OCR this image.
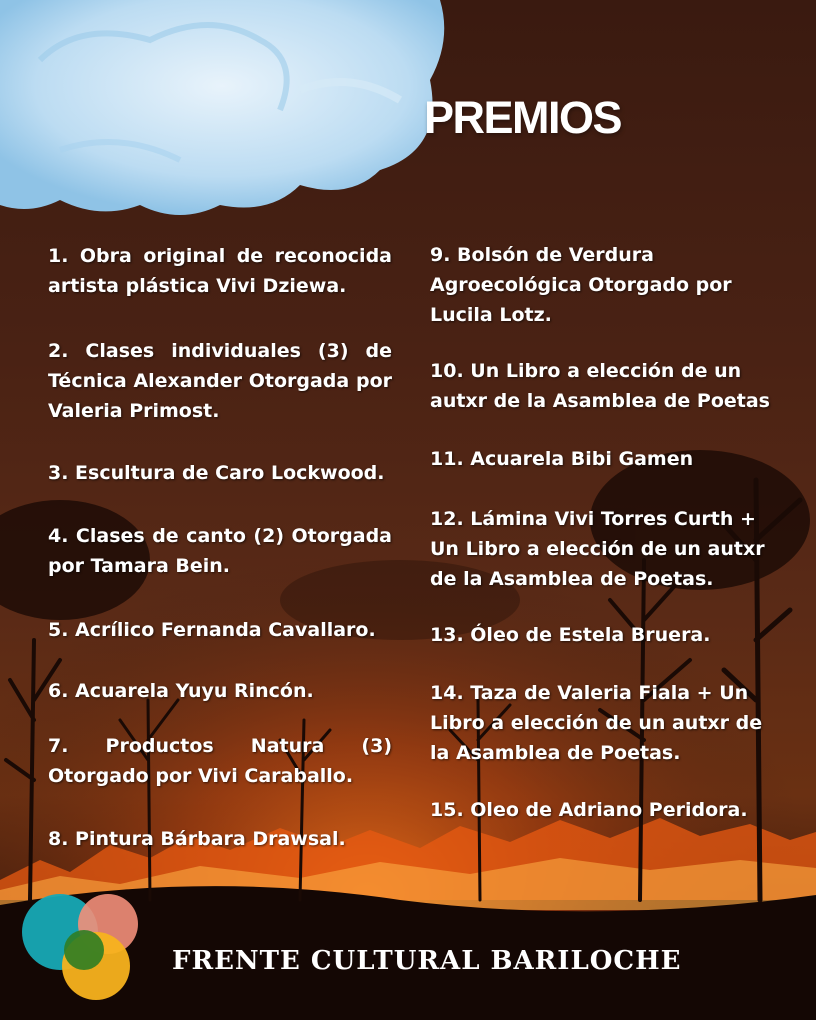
PREMIOS

1. Obra original de reconocida artista plástica Vivi Dziewa.

2. Clases individuales (3) de Técnica Alexander Otorgada por Valeria Primost.

3. Escultura de Caro Lockwood.

4. Clases de canto (2) Otorgada por Tamara Bein.

5. Acrílico Fernanda Cavallaro.

6. Acuarela Yuyu Rincón.

7. Productos Natura (3) Otorgado por Vivi Caraballo.

8. Pintura Bárbara Drawsal.

9. Bolsón de Verdura Agroecológica Otorgado por Lucila Lotz.

10. Un Libro a elección de un autxr de la Asamblea de Poetas

11. Acuarela Bibi Gamen

12. Lámina Vivi Torres Curth + Un Libro a elección de un autxr de la Asamblea de Poetas.

13. Óleo de Estela Bruera.

14. Taza de Valeria Fiala + Un Libro a elección de un autxr de la Asamblea de Poetas.

15. Oleo de Adriano Peridora.

FRENTE CULTURAL BARILOCHE
